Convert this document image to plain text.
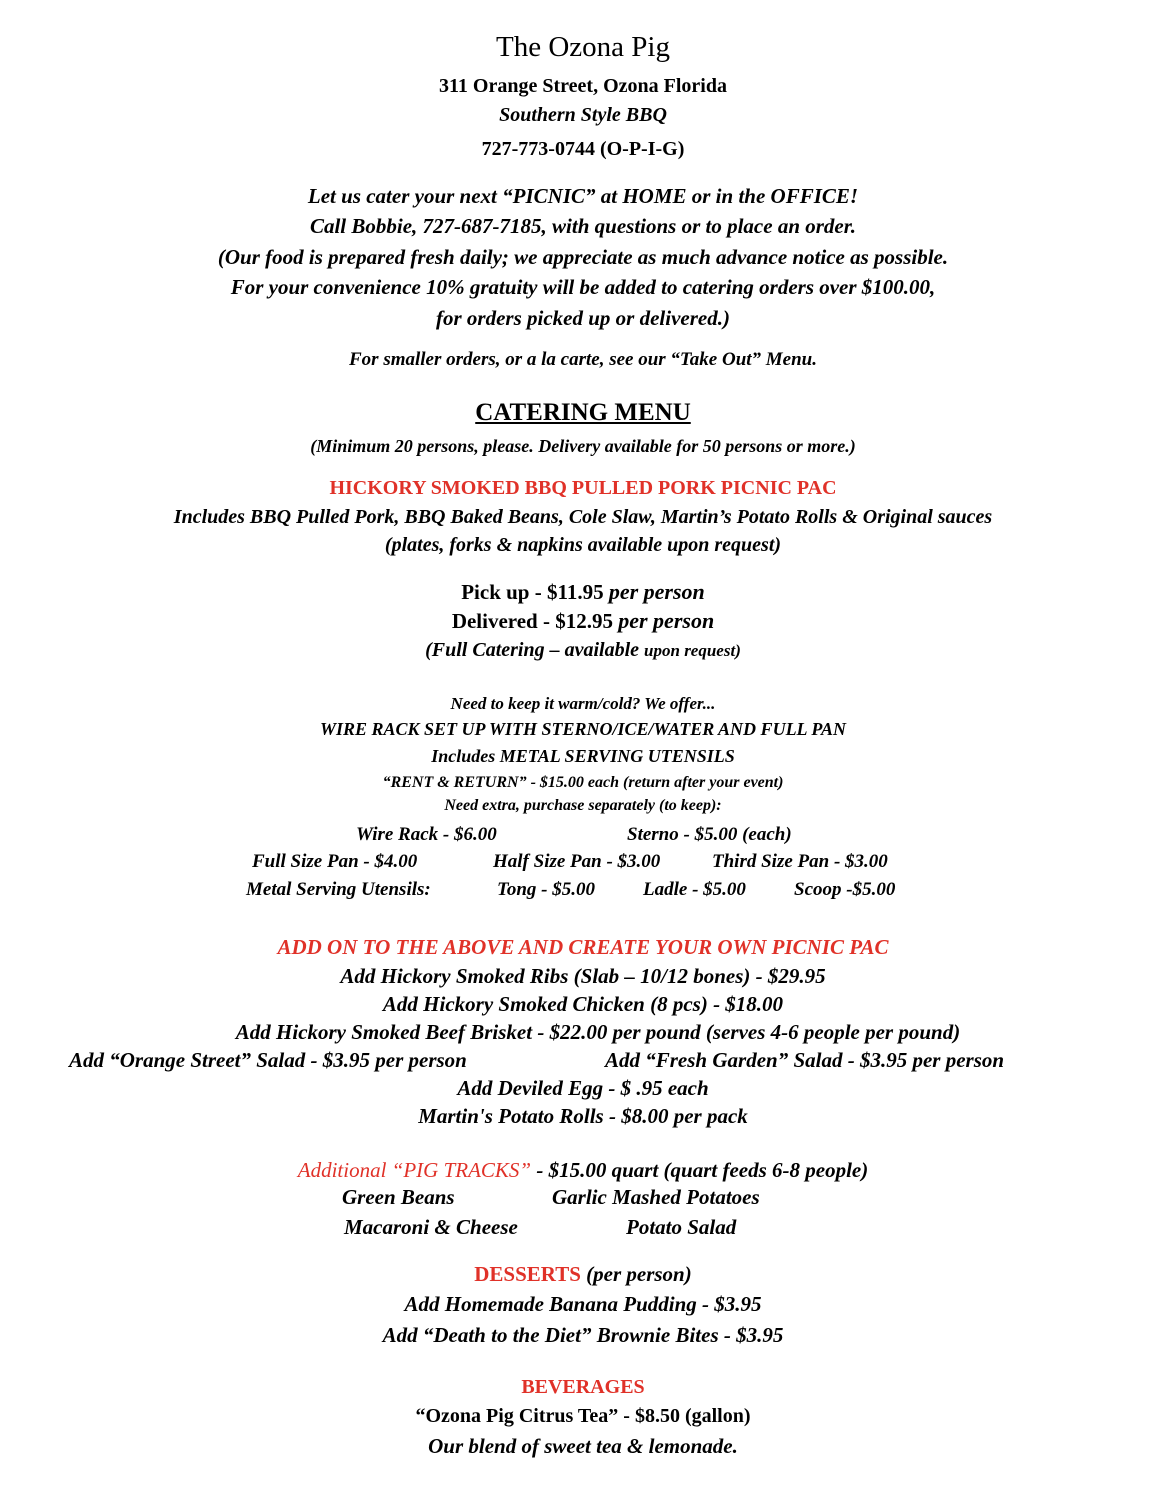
The Ozona Pig
311 Orange Street, Ozona Florida
Southern Style BBQ
727-773-0744 (O-P-I-G)
Let us cater your next “PICNIC” at HOME or in the OFFICE!
Call Bobbie, 727-687-7185, with questions or to place an order.
(Our food is prepared fresh daily; we appreciate as much advance notice as possible.
For your convenience 10% gratuity will be added to catering orders over $100.00,
for orders picked up or delivered.)
For smaller orders, or a la carte, see our “Take Out” Menu.
CATERING MENU
(Minimum 20 persons, please. Delivery available for 50 persons or more.)
HICKORY SMOKED BBQ PULLED PORK PICNIC PAC
Includes BBQ Pulled Pork, BBQ Baked Beans, Cole Slaw, Martin’s Potato Rolls & Original sauces
(plates, forks & napkins available upon request)
Pick up - $11.95 per person
Delivered - $12.95 per person
(Full Catering – available upon request)
Need to keep it warm/cold? We offer...
WIRE RACK SET UP WITH STERNO/ICE/WATER AND FULL PAN
Includes METAL SERVING UTENSILS
“RENT & RETURN” - $15.00 each (return after your event)
Need extra, purchase separately (to keep):
Wire Rack - $6.00	Sterno - $5.00 (each)
Full Size Pan - $4.00	Half Size Pan - $3.00	Third Size Pan - $3.00
Metal Serving Utensils:	Tong - $5.00	Ladle - $5.00	Scoop -$5.00
ADD ON TO THE ABOVE AND CREATE YOUR OWN PICNIC PAC
Add Hickory Smoked Ribs (Slab – 10/12 bones) - $29.95
Add Hickory Smoked Chicken (8 pcs) - $18.00
Add Hickory Smoked Beef Brisket - $22.00 per pound (serves 4-6 people per pound)
Add “Orange Street” Salad - $3.95 per person	Add “Fresh Garden” Salad - $3.95 per person
Add Deviled Egg - $ .95 each
Martin's Potato Rolls - $8.00 per pack
Additional “PIG TRACKS” - $15.00 quart (quart feeds 6-8 people)
Green Beans	Garlic Mashed Potatoes
Macaroni & Cheese	Potato Salad
DESSERTS (per person)
Add Homemade Banana Pudding - $3.95
Add “Death to the Diet” Brownie Bites - $3.95
BEVERAGES
“Ozona Pig Citrus Tea” - $8.50 (gallon)
Our blend of sweet tea & lemonade.
